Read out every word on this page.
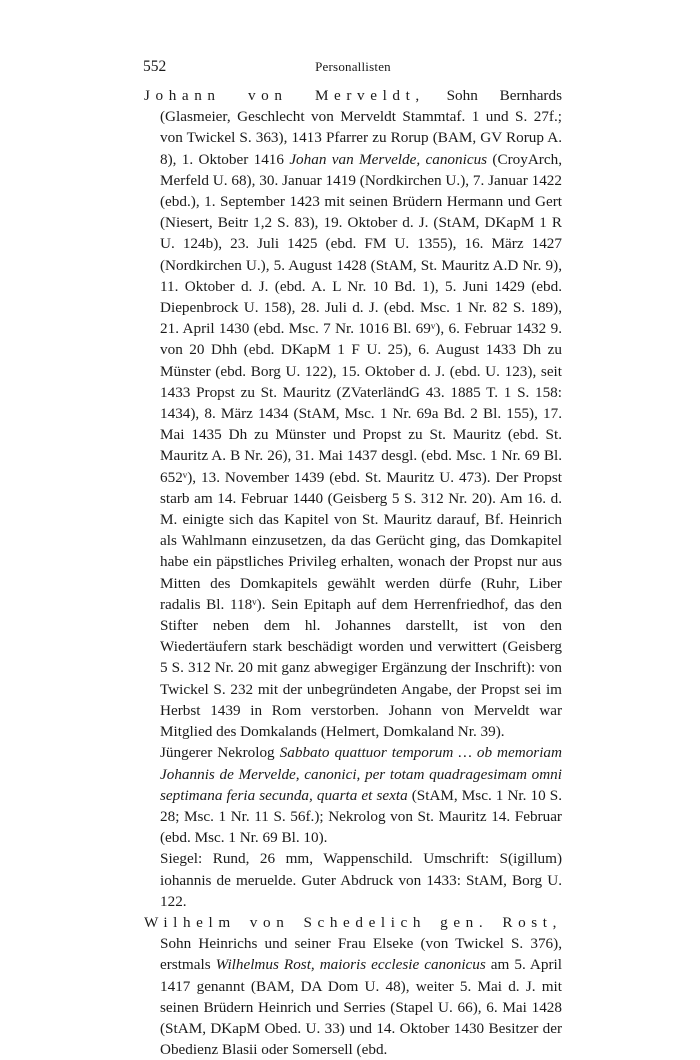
552	Personallisten

Johann von Merveldt, Sohn Bernhards (Glasmeier, Geschlecht von Merveldt Stammtaf. 1 und S. 27f.; von Twickel S. 363), 1413 Pfarrer zu Rorup (BAM, GV Rorup A. 8), 1. Oktober 1416 Johan van Mervelde, canonicus (CroyArch, Merfeld U. 68), 30. Januar 1419 (Nordkirchen U.), 7. Januar 1422 (ebd.), 1. September 1423 mit seinen Brüdern Hermann und Gert (Niesert, Beitr 1,2 S. 83), 19. Oktober d. J. (StAM, DKapM 1 R U. 124b), 23. Juli 1425 (ebd. FM U. 1355), 16. März 1427 (Nordkirchen U.), 5. August 1428 (StAM, St. Mauritz A.D Nr. 9), 11. Oktober d. J. (ebd. A. L Nr. 10 Bd. 1), 5. Juni 1429 (ebd. Diepenbrock U. 158), 28. Juli d. J. (ebd. Msc. 1 Nr. 82 S. 189), 21. April 1430 (ebd. Msc. 7 Nr. 1016 Bl. 69ᵛ), 6. Februar 1432 9. von 20 Dhh (ebd. DKapM 1 F U. 25), 6. August 1433 Dh zu Münster (ebd. Borg U. 122), 15. Oktober d. J. (ebd. U. 123), seit 1433 Propst zu St. Mauritz (ZVaterländG 43. 1885 T. 1 S. 158: 1434), 8. März 1434 (StAM, Msc. 1 Nr. 69a Bd. 2 Bl. 155), 17. Mai 1435 Dh zu Münster und Propst zu St. Mauritz (ebd. St. Mauritz A. B Nr. 26), 31. Mai 1437 desgl. (ebd. Msc. 1 Nr. 69 Bl. 652ᵛ), 13. November 1439 (ebd. St. Mauritz U. 473). Der Propst starb am 14. Februar 1440 (Geisberg 5 S. 312 Nr. 20). Am 16. d. M. einigte sich das Kapitel von St. Mauritz darauf, Bf. Heinrich als Wahlmann einzusetzen, da das Gerücht ging, das Domkapitel habe ein päpstliches Privileg erhalten, wonach der Propst nur aus Mitten des Domkapitels gewählt werden dürfe (Ruhr, Liber radalis Bl. 118ᵛ). Sein Epitaph auf dem Herrenfriedhof, das den Stifter neben dem hl. Johannes darstellt, ist von den Wiedertäufern stark beschädigt worden und verwittert (Geisberg 5 S. 312 Nr. 20 mit ganz abwegiger Ergänzung der Inschrift): von Twickel S. 232 mit der unbegründeten Angabe, der Propst sei im Herbst 1439 in Rom verstorben. Johann von Merveldt war Mitglied des Domkalands (Helmert, Domkaland Nr. 39).

Jüngerer Nekrolog Sabbato quattuor temporum … ob memoriam Johannis de Mervelde, canonici, per totam quadragesimam omni septimana feria secunda, quarta et sexta (StAM, Msc. 1 Nr. 10 S. 28; Msc. 1 Nr. 11 S. 56f.); Nekrolog von St. Mauritz 14. Februar (ebd. Msc. 1 Nr. 69 Bl. 10).

Siegel: Rund, 26 mm, Wappenschild. Umschrift: S(igillum) iohannis de meruelde. Guter Abdruck von 1433: StAM, Borg U. 122.

Wilhelm von Schedelich gen. Rost, Sohn Heinrichs und seiner Frau Elseke (von Twickel S. 376), erstmals Wilhelmus Rost, maioris ecclesie canonicus am 5. April 1417 genannt (BAM, DA Dom U. 48), weiter 5. Mai d. J. mit seinen Brüdern Heinrich und Serries (Stapel U. 66), 6. Mai 1428 (StAM, DKapM Obed. U. 33) und 14. Oktober 1430 Besitzer der Obedienz Blasii oder Somersell (ebd.
